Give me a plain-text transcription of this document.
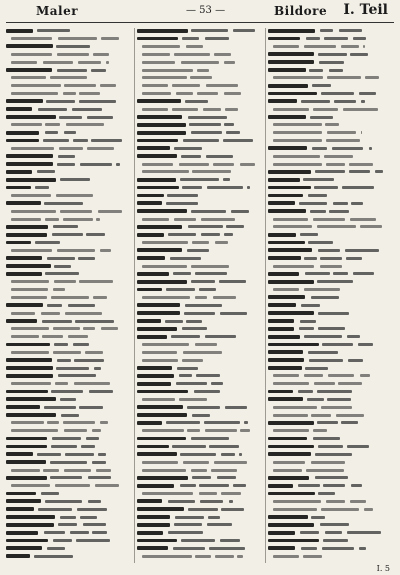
Maler	— 53 —	Bildore I. Teil
I. 5
